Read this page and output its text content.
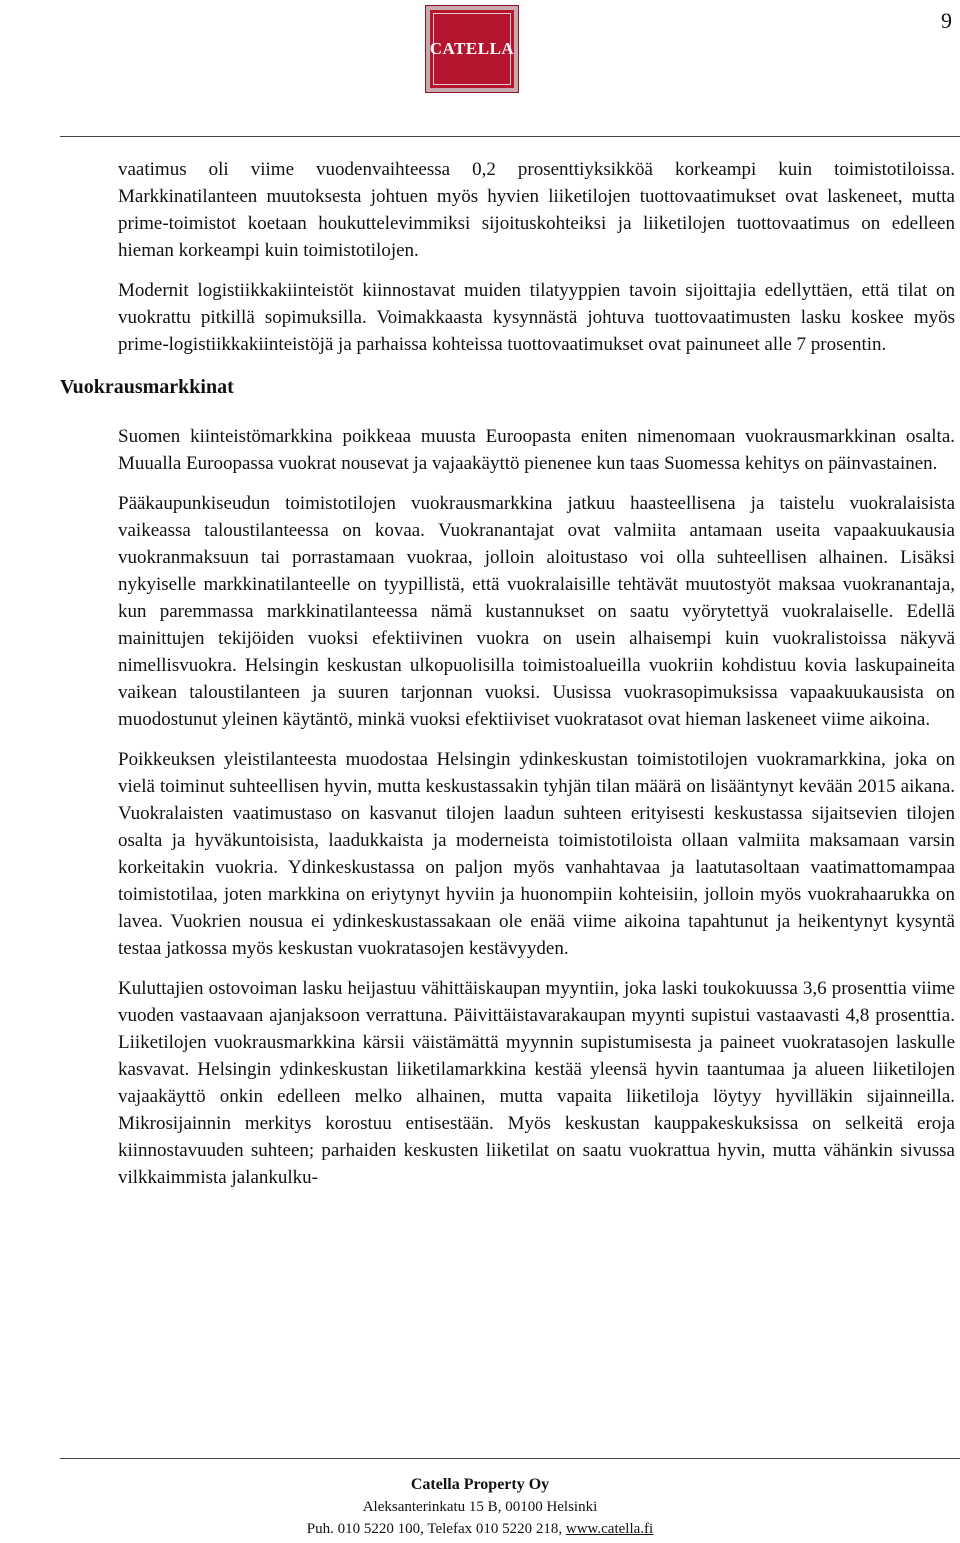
9
CATELLA

vaatimus oli viime vuodenvaihteessa 0,2 prosenttiyksikköä korkeampi kuin toimistotiloissa. Markkinatilanteen muutoksesta johtuen myös hyvien liiketilojen tuottovaatimukset ovat laskeneet, mutta prime-toimistot koetaan houkuttelevimmiksi sijoituskohteiksi ja liiketilojen tuottovaatimus on edelleen hieman korkeampi kuin toimistotilojen.

Modernit logistiikkakiinteistöt kiinnostavat muiden tilatyyppien tavoin sijoittajia edellyttäen, että tilat on vuokrattu pitkillä sopimuksilla. Voimakkaasta kysynnästä johtuva tuottovaatimusten lasku koskee myös prime-logistiikkakiinteistöjä ja parhaissa kohteissa tuottovaatimukset ovat painuneet alle 7 prosentin.

Vuokrausmarkkinat

Suomen kiinteistömarkkina poikkeaa muusta Euroopasta eniten nimenomaan vuokrausmarkkinan osalta. Muualla Euroopassa vuokrat nousevat ja vajaakäyttö pienenee kun taas Suomessa kehitys on päinvastainen.

Pääkaupunkiseudun toimistotilojen vuokrausmarkkina jatkuu haasteellisena ja taistelu vuokralaisista vaikeassa taloustilanteessa on kovaa. Vuokranantajat ovat valmiita antamaan useita vapaakuukausia vuokranmaksuun tai porrastamaan vuokraa, jolloin aloitustaso voi olla suhteellisen alhainen. Lisäksi nykyiselle markkinatilanteelle on tyypillistä, että vuokralaisille tehtävät muutostyöt maksaa vuokranantaja, kun paremmassa markkinatilanteessa nämä kustannukset on saatu vyörytettyä vuokralaiselle. Edellä mainittujen tekijöiden vuoksi efektiivinen vuokra on usein alhaisempi kuin vuokralistoissa näkyvä nimellisvuokra. Helsingin keskustan ulkopuolisilla toimistoalueilla vuokriin kohdistuu kovia laskupaineita vaikean taloustilanteen ja suuren tarjonnan vuoksi. Uusissa vuokrasopimuksissa vapaakuukausista on muodostunut yleinen käytäntö, minkä vuoksi efektiiviset vuokratasot ovat hieman laskeneet viime aikoina.

Poikkeuksen yleistilanteesta muodostaa Helsingin ydinkeskustan toimistotilojen vuokramarkkina, joka on vielä toiminut suhteellisen hyvin, mutta keskustassakin tyhjän tilan määrä on lisääntynyt kevään 2015 aikana. Vuokralaisten vaatimustaso on kasvanut tilojen laadun suhteen erityisesti keskustassa sijaitsevien tilojen osalta ja hyväkuntoisista, laadukkaista ja moderneista toimistotiloista ollaan valmiita maksamaan varsin korkeitakin vuokria. Ydinkeskustassa on paljon myös vanhahtavaa ja laatutasoltaan vaatimattomampaa toimistotilaa, joten markkina on eriytynyt hyviin ja huonompiin kohteisiin, jolloin myös vuokrahaarukka on lavea. Vuokrien nousua ei ydinkeskustassakaan ole enää viime aikoina tapahtunut ja heikentynyt kysyntä testaa jatkossa myös keskustan vuokratasojen kestävyyden.

Kuluttajien ostovoiman lasku heijastuu vähittäiskaupan myyntiin, joka laski toukokuussa 3,6 prosenttia viime vuoden vastaavaan ajanjaksoon verrattuna. Päivittäistavarakaupan myynti supistui vastaavasti 4,8 prosenttia. Liiketilojen vuokrausmarkkina kärsii väistämättä myynnin supistumisesta ja paineet vuokratasojen laskulle kasvavat. Helsingin ydinkeskustan liiketilamarkkina kestää yleensä hyvin taantumaa ja alueen liiketilojen vajaakäyttö onkin edelleen melko alhainen, mutta vapaita liiketiloja löytyy hyvilläkin sijainneilla. Mikrosijainnin merkitys korostuu entisestään. Myös keskustan kauppakeskuksissa on selkeitä eroja kiinnostavuuden suhteen; parhaiden keskusten liiketilat on saatu vuokrattua hyvin, mutta vähänkin sivussa vilkkaimmista jalankulku-

Catella Property Oy
Aleksanterinkatu 15 B, 00100 Helsinki
Puh. 010 5220 100, Telefax 010 5220 218, www.catella.fi
